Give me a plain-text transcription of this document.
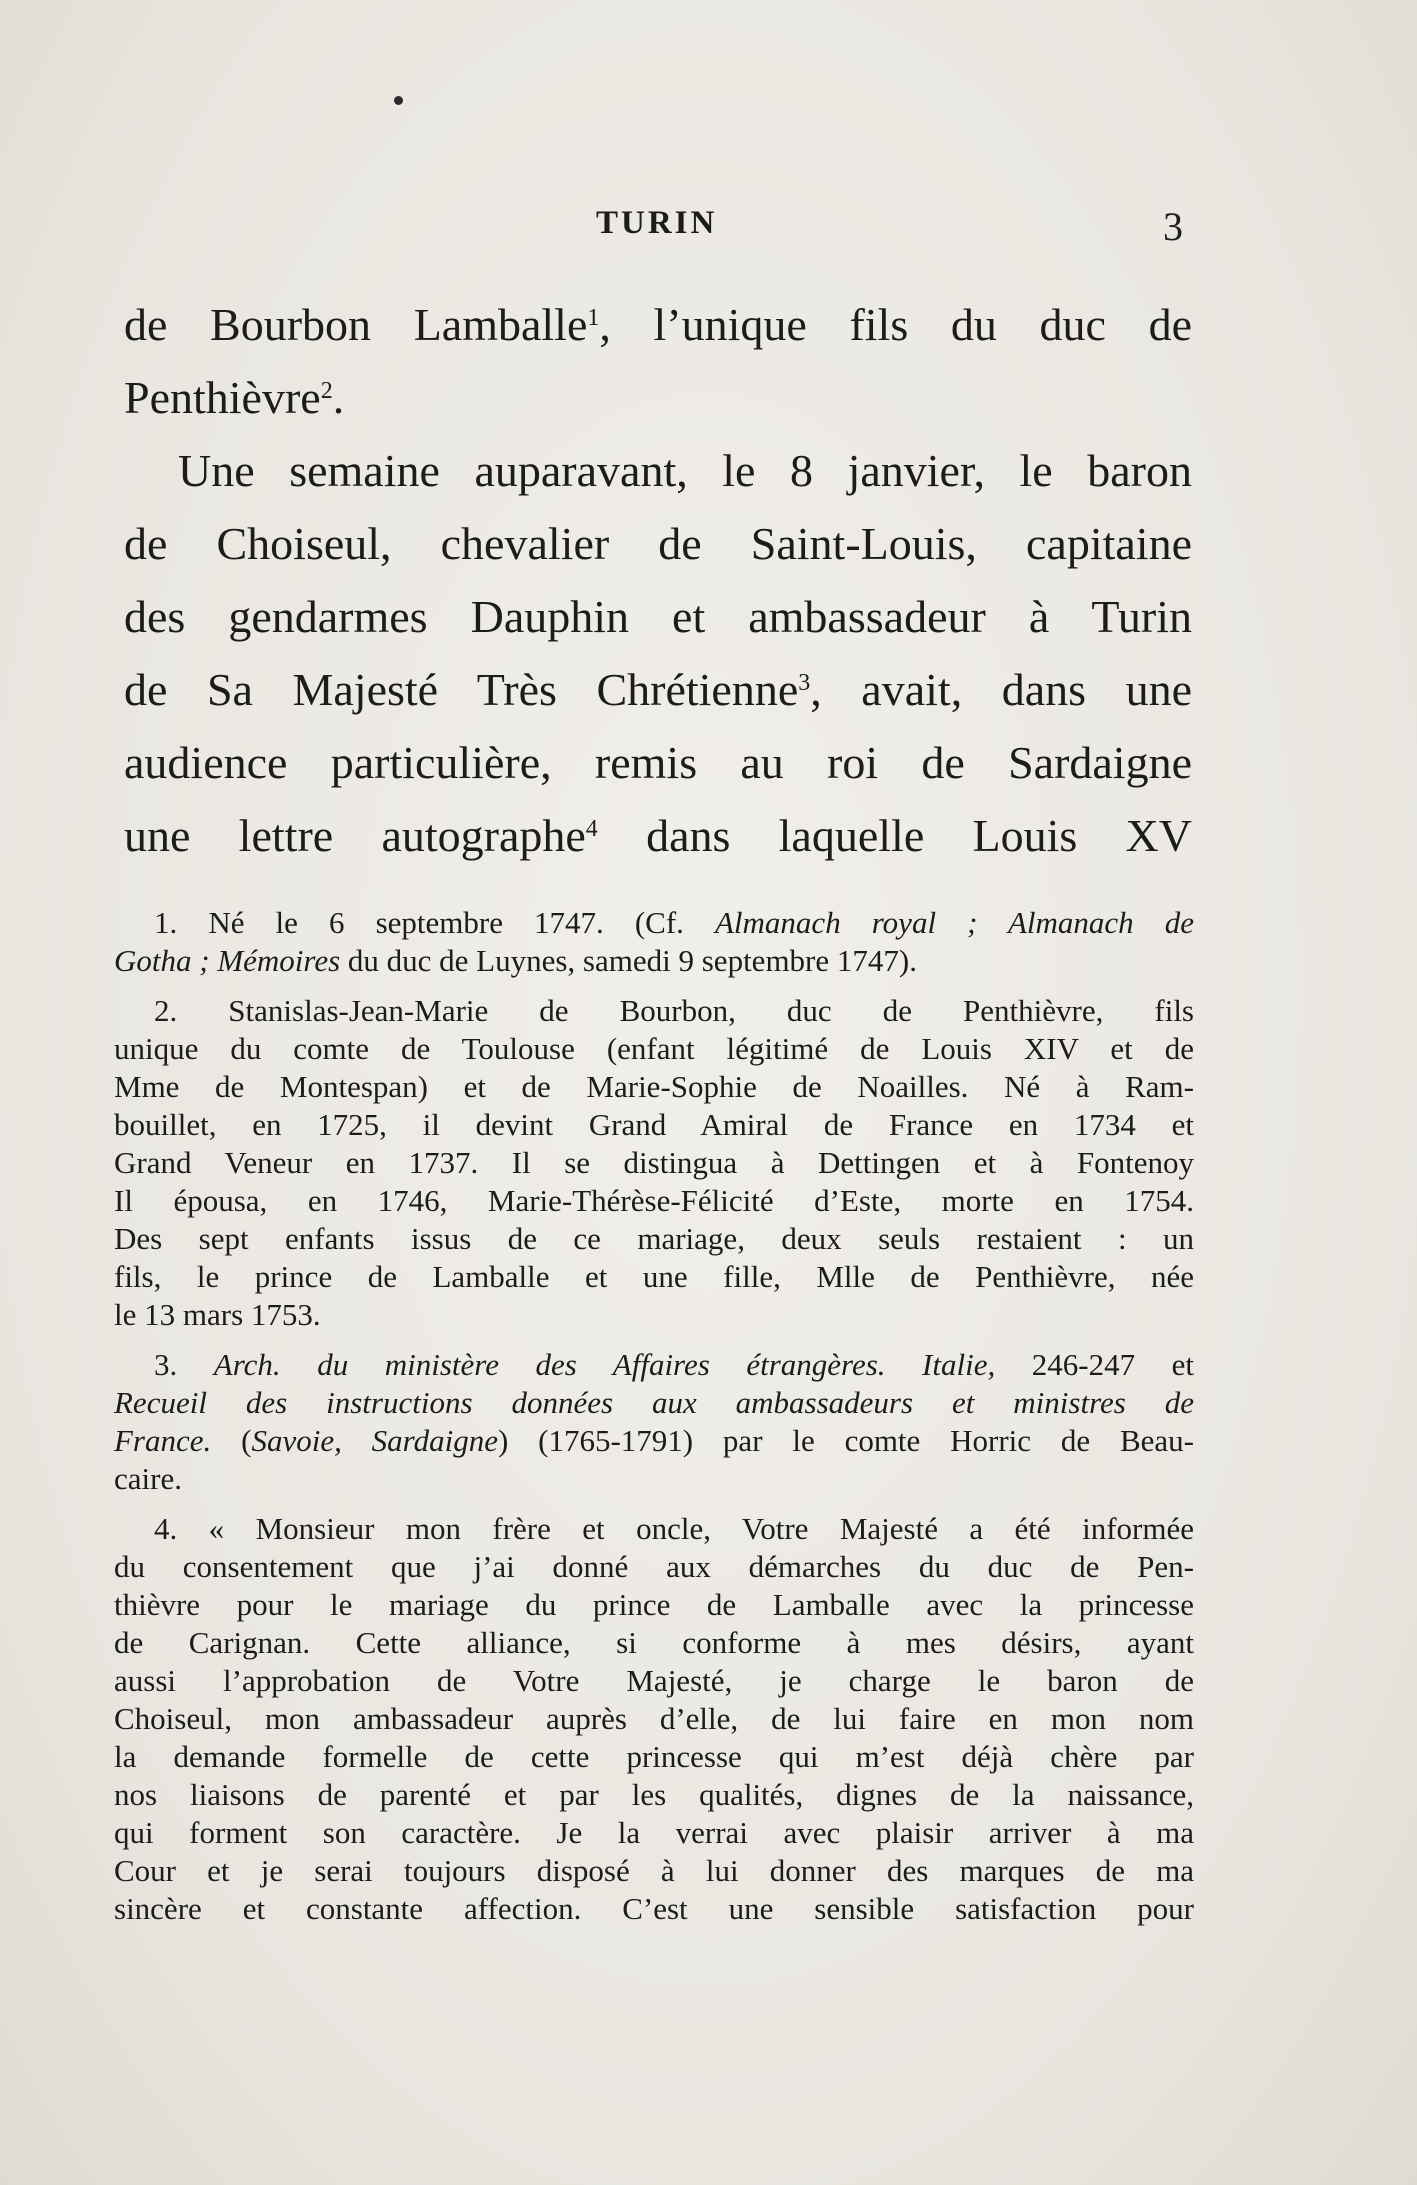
TURIN	3
de Bourbon Lamballe$^1$, l’unique fils du duc de
Penthièvre$^2$.
Une semaine auparavant, le 8 janvier, le baron
de Choiseul, chevalier de Saint-Louis, capitaine
des gendarmes Dauphin et ambassadeur à Turin
de Sa Majesté Très Chrétienne$^3$, avait, dans une
audience particulière, remis au roi de Sardaigne
une lettre autographe$^4$ dans laquelle Louis XV
1. Né le 6 septembre 1747. (Cf. Almanach royal ; Almanach de
Gotha ; Mémoires du duc de Luynes, samedi 9 septembre 1747).
2. Stanislas-Jean-Marie de Bourbon, duc de Penthièvre, fils
unique du comte de Toulouse (enfant légitimé de Louis XIV et de
Mme de Montespan) et de Marie-Sophie de Noailles. Né à Ram-
bouillet, en 1725, il devint Grand Amiral de France en 1734 et
Grand Veneur en 1737. Il se distingua à Dettingen et à Fontenoy
Il épousa, en 1746, Marie-Thérèse-Félicité d’Este, morte en 1754.
Des sept enfants issus de ce mariage, deux seuls restaient : un
fils, le prince de Lamballe et une fille, Mlle de Penthièvre, née
le 13 mars 1753.
3. Arch. du ministère des Affaires étrangères. Italie, 246-247 et
Recueil des instructions données aux ambassadeurs et ministres de
France. (Savoie, Sardaigne) (1765-1791) par le comte Horric de Beau-
caire.
4. « Monsieur mon frère et oncle, Votre Majesté a été informée
du consentement que j’ai donné aux démarches du duc de Pen-
thièvre pour le mariage du prince de Lamballe avec la princesse
de Carignan. Cette alliance, si conforme à mes désirs, ayant
aussi l’approbation de Votre Majesté, je charge le baron de
Choiseul, mon ambassadeur auprès d’elle, de lui faire en mon nom
la demande formelle de cette princesse qui m’est déjà chère par
nos liaisons de parenté et par les qualités, dignes de la naissance,
qui forment son caractère. Je la verrai avec plaisir arriver à ma
Cour et je serai toujours disposé à lui donner des marques de ma
sincère et constante affection. C’est une sensible satisfaction pour
